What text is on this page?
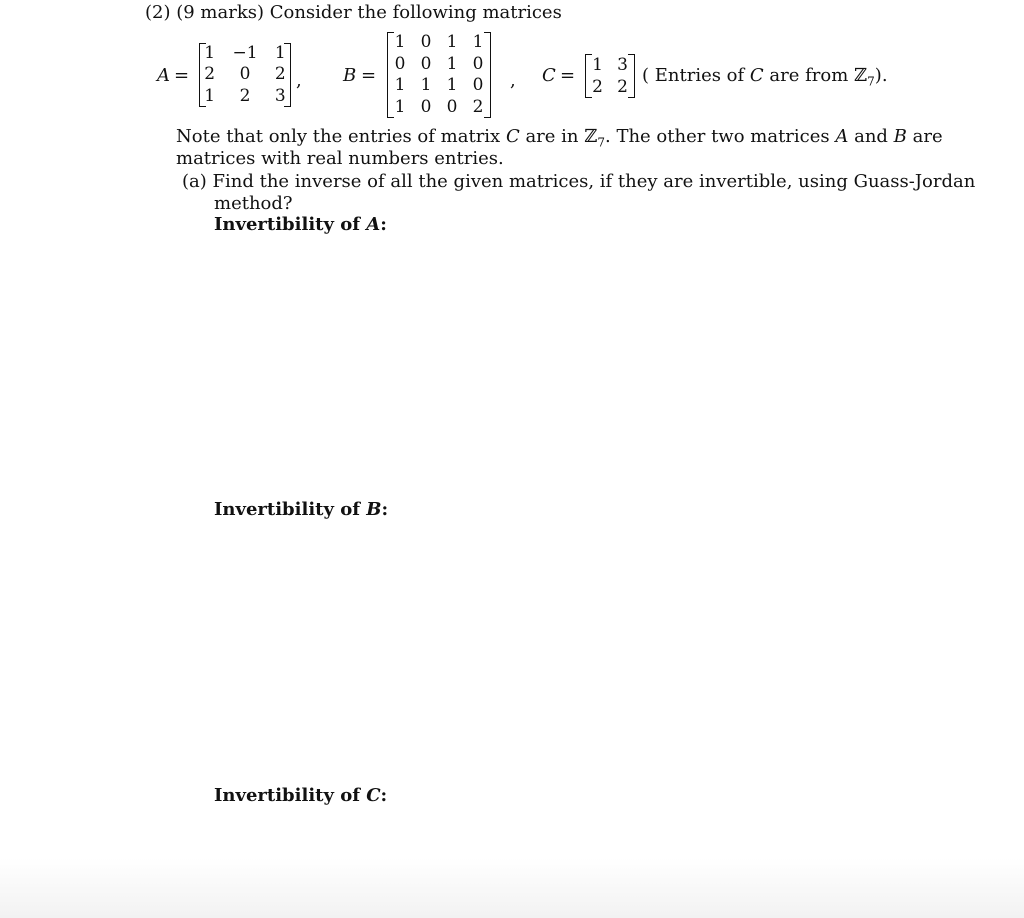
(2) (9 marks) Consider the following matrices
A =
1	−1	1
2	0	2
1	2	3
, B =
1	0	1	1
0	0	1	0
1	1	1	0
1	0	0	2
, C =
1	3
2	2
( Entries of C are from ℤ$_7$).
Note that only the entries of matrix C are in ℤ$_7$. The other two matrices A and B are
matrices with real numbers entries.
(a) Find the inverse of all the given matrices, if they are invertible, using Guass-Jordan
method?
Invertibility of A:
Invertibility of B:
Invertibility of C:
